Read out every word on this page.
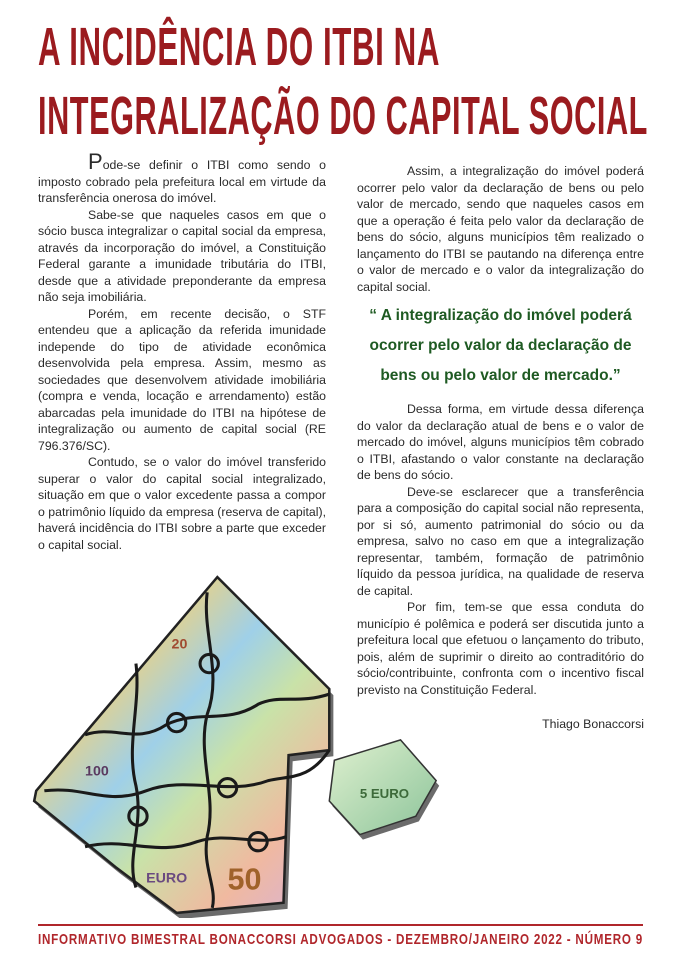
A INCIDÊNCIA DO ITBI NA
INTEGRALIZAÇÃO DO CAPITAL SOCIAL

Pode-se definir o ITBI como sendo o imposto cobrado pela prefeitura local em virtude da transferência onerosa do imóvel.

Sabe-se que naqueles casos em que o sócio busca integralizar o capital social da empresa, através da incorporação do imóvel, a Constituição Federal garante a imunidade tributária do ITBI, desde que a atividade preponderante da empresa não seja imobiliária.

Porém, em recente decisão, o STF entendeu que a aplicação da referida imunidade independe do tipo de atividade econômica desenvolvida pela empresa. Assim, mesmo as sociedades que desenvolvem atividade imobiliária (compra e venda, locação e arrendamento) estão abarcadas pela imunidade do ITBI na hipótese de integralização ou aumento de capital social (RE 796.376/SC).

Contudo, se o valor do imóvel transferido superar o valor do capital social integralizado, situação em que o valor excedente passa a compor o patrimônio líquido da empresa (reserva de capital), haverá incidência do ITBI sobre a parte que exceder o capital social.

Assim, a integralização do imóvel poderá ocorrer pelo valor da declaração de bens ou pelo valor de mercado, sendo que naqueles casos em que a operação é feita pelo valor da declaração de bens do sócio, alguns municípios têm realizado o lançamento do ITBI se pautando na diferença entre o valor de mercado e o valor da integralização do capital social.

“ A integralização do imóvel poderá ocorrer pelo valor da declaração de bens ou pelo valor de mercado.”

Dessa forma, em virtude dessa diferença do valor da declaração atual de bens e o valor de mercado do imóvel, alguns municípios têm cobrado o ITBI, afastando o valor constante na declaração de bens do sócio.

Deve-se esclarecer que a transferência para a composição do capital social não representa, por si só, aumento patrimonial do sócio ou da empresa, salvo no caso em que a integralização representar, também, formação de patrimônio líquido da pessoa jurídica, na qualidade de reserva de capital.

Por fim, tem-se que essa conduta do município é polêmica e poderá ser discutida junto a prefeitura local que efetuou o lançamento do tributo, pois, além de suprimir o direito ao contraditório do sócio/contribuinte, confronta com o incentivo fiscal previsto na Constituição Federal.

Thiago Bonaccorsi

100
50
20
EURO
5 EURO
INFORMATIVO BIMESTRAL BONACCORSI ADVOGADOS - DEZEMBRO/JANEIRO 2022 - NÚMERO 9
